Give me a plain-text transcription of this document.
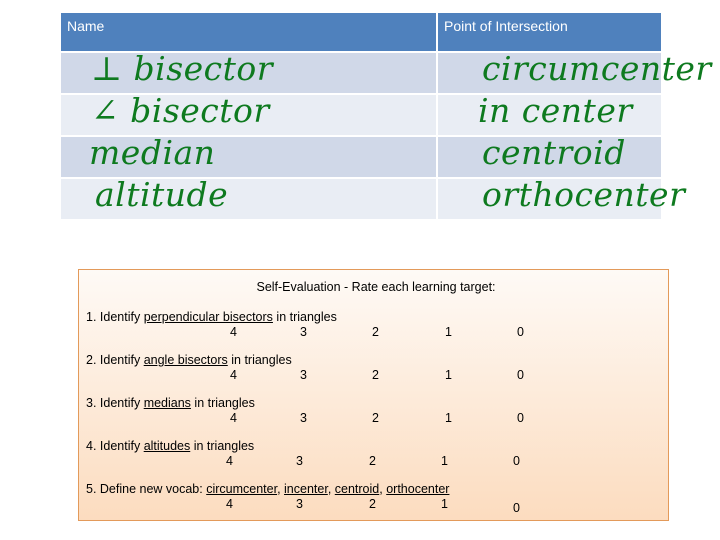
Name	Point of Intersection
⊥ bisector	circumcenter
∠ bisector	in center
median	centroid
altitude	orthocenter
Self-Evaluation - Rate each learning target:
1. Identify perpendicular bisectors in triangles
4	3	2	1	0
2. Identify angle bisectors in triangles
4	3	2	1	0
3. Identify medians in triangles
4	3	2	1	0
4. Identify altitudes in triangles
4	3	2	1	0
5. Define new vocab: circumcenter, incenter, centroid, orthocenter
4	3	2	1	0
